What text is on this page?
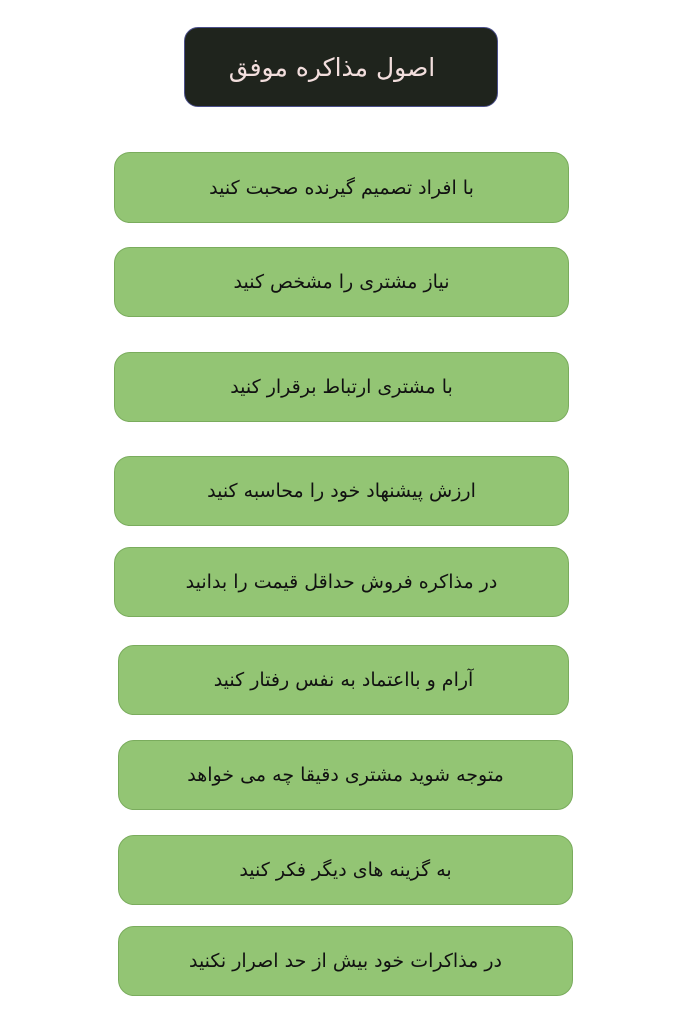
اصول مذاکره موفق
با افراد تصمیم گیرنده صحبت کنید
نیاز مشتری را مشخص کنید
با مشتری ارتباط برقرار کنید
ارزش پیشنهاد خود را محاسبه کنید
در مذاکره فروش حداقل قیمت را بدانید
آرام و بااعتماد به نفس رفتار کنید
متوجه شوید مشتری دقیقا چه می خواهد
به گزینه های دیگر فکر کنید
در مذاکرات خود بیش از حد اصرار نکنید
